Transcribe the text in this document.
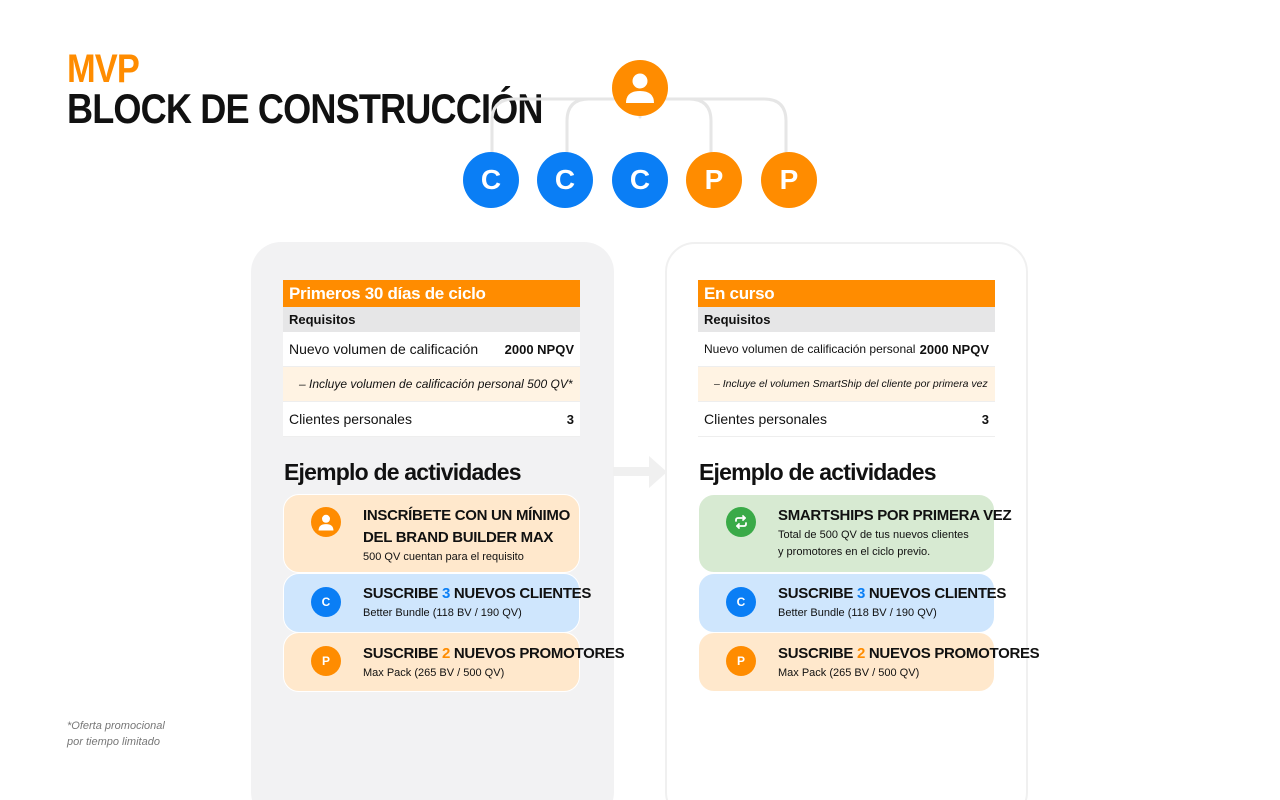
MVP
BLOCK DE CONSTRUCCIÓN
C	C	C	P	P
Primeros 30 días de ciclo
Requisitos
Nuevo volumen de calificación 2000 NPQV
– Incluye volumen de calificación personal 500 QV*
Clientes personales	3
En curso
Requisitos
Nuevo volumen de calificación personal 2000 NPQV
– Incluye el volumen SmartShip del cliente por primera vez
Clientes personales	3
Ejemplo de actividades	Ejemplo de actividades
INSCRÍBETE CON UN MÍNIMO
DEL BRAND BUILDER MAX
500 QV cuentan para el requisito
C	SUSCRIBE 3 NUEVOS CLIENTES
Better Bundle (118 BV / 190 QV)
P	SUSCRIBE 2 NUEVOS PROMOTORES
Max Pack (265 BV / 500 QV)
SMARTSHIPS POR PRIMERA VEZ
Total de 500 QV de tus nuevos clientes
y promotores en el ciclo previo.
C	SUSCRIBE 3 NUEVOS CLIENTES
Better Bundle (118 BV / 190 QV)
P	SUSCRIBE 2 NUEVOS PROMOTORES
Max Pack (265 BV / 500 QV)
*Oferta promocional
por tiempo limitado
